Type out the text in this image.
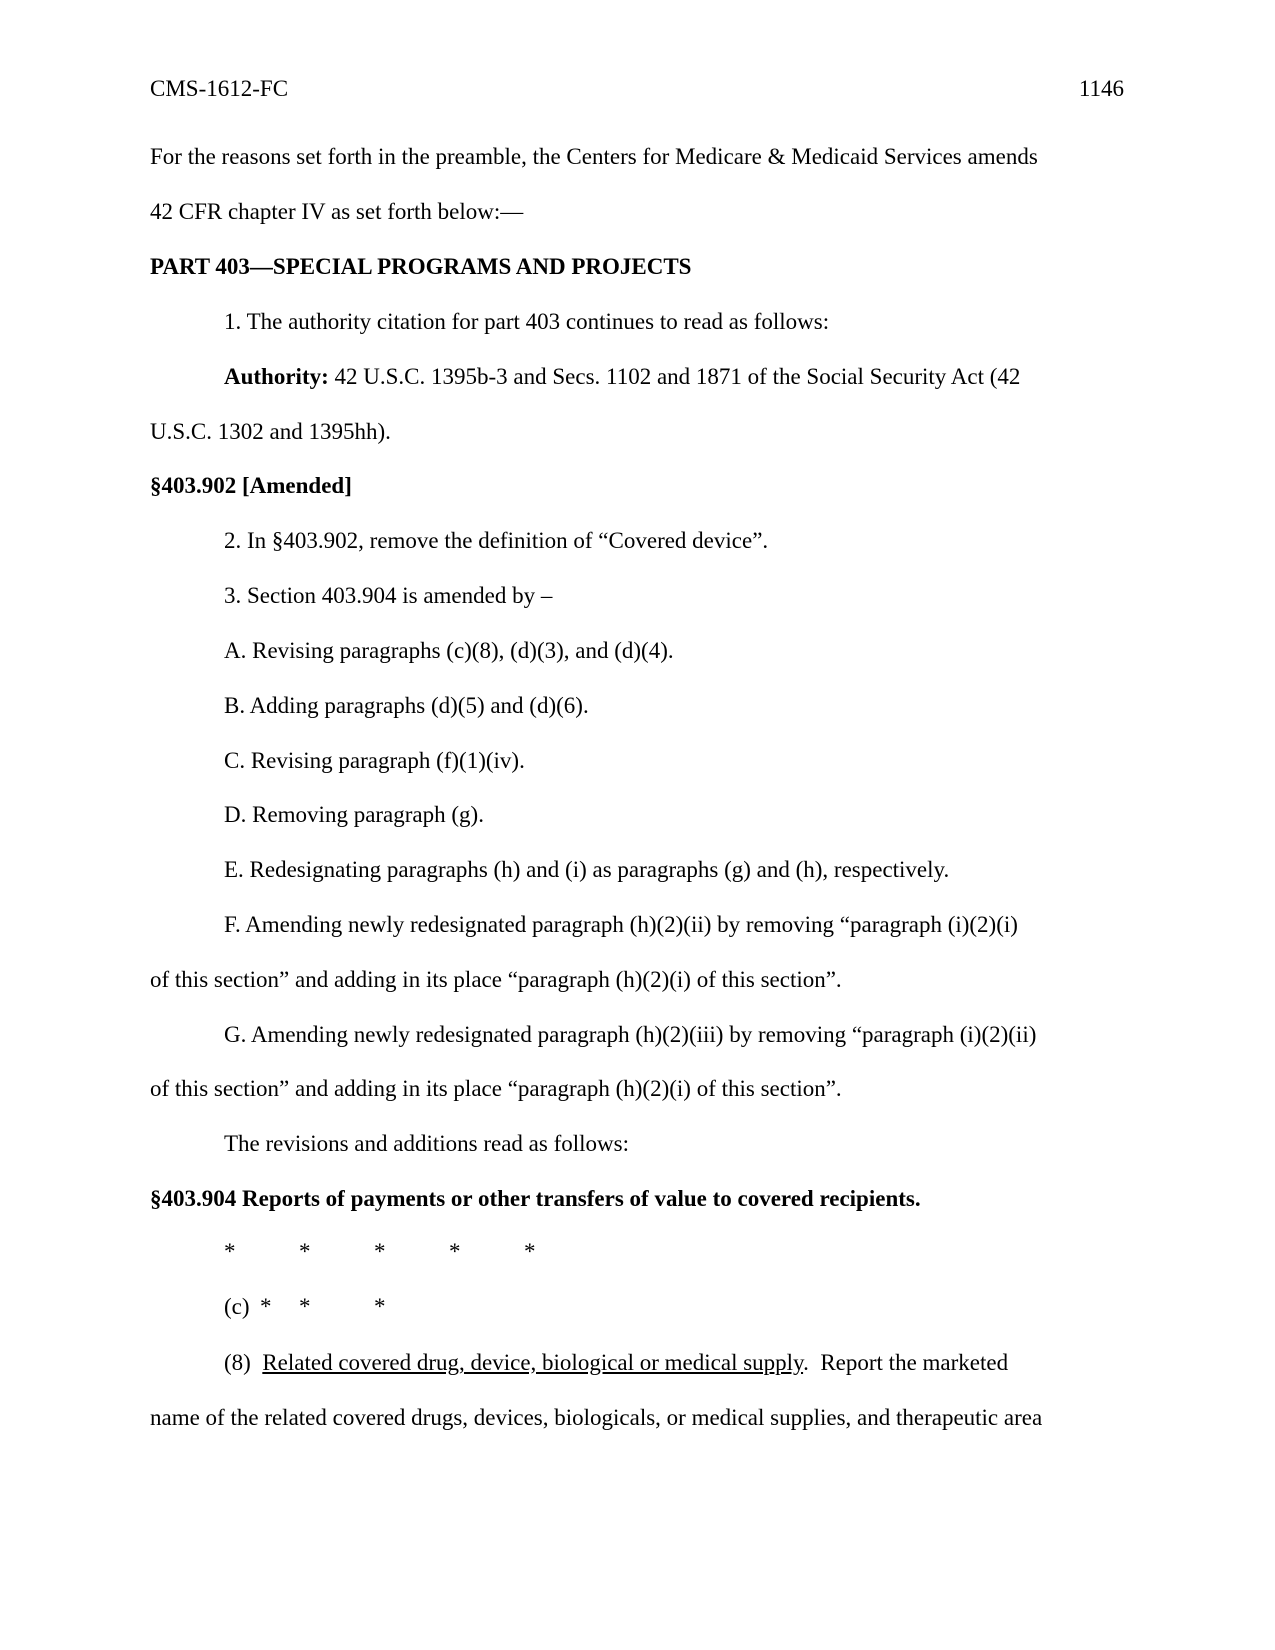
CMS-1612-FC	1146
For the reasons set forth in the preamble, the Centers for Medicare & Medicaid Services amends
42 CFR chapter IV as set forth below:—
PART 403—SPECIAL PROGRAMS AND PROJECTS
1. The authority citation for part 403 continues to read as follows:
Authority: 42 U.S.C. 1395b-3 and Secs. 1102 and 1871 of the Social Security Act (42
U.S.C. 1302 and 1395hh).
§403.902 [Amended]
2. In §403.902, remove the definition of “Covered device”.
3. Section 403.904 is amended by –
A. Revising paragraphs (c)(8), (d)(3), and (d)(4).
B. Adding paragraphs (d)(5) and (d)(6).
C. Revising paragraph (f)(1)(iv).
D. Removing paragraph (g).
E. Redesignating paragraphs (h) and (i) as paragraphs (g) and (h), respectively.
F. Amending newly redesignated paragraph (h)(2)(ii) by removing “paragraph (i)(2)(i)
of this section” and adding in its place “paragraph (h)(2)(i) of this section”.
G. Amending newly redesignated paragraph (h)(2)(iii) by removing “paragraph (i)(2)(ii)
of this section” and adding in its place “paragraph (h)(2)(i) of this section”.
The revisions and additions read as follows:
§403.904 Reports of payments or other transfers of value to covered recipients.
*	*	*	*	*
(c) * *	*
(8)  Related covered drug, device, biological or medical supply.  Report the marketed
name of the related covered drugs, devices, biologicals, or medical supplies, and therapeutic area
